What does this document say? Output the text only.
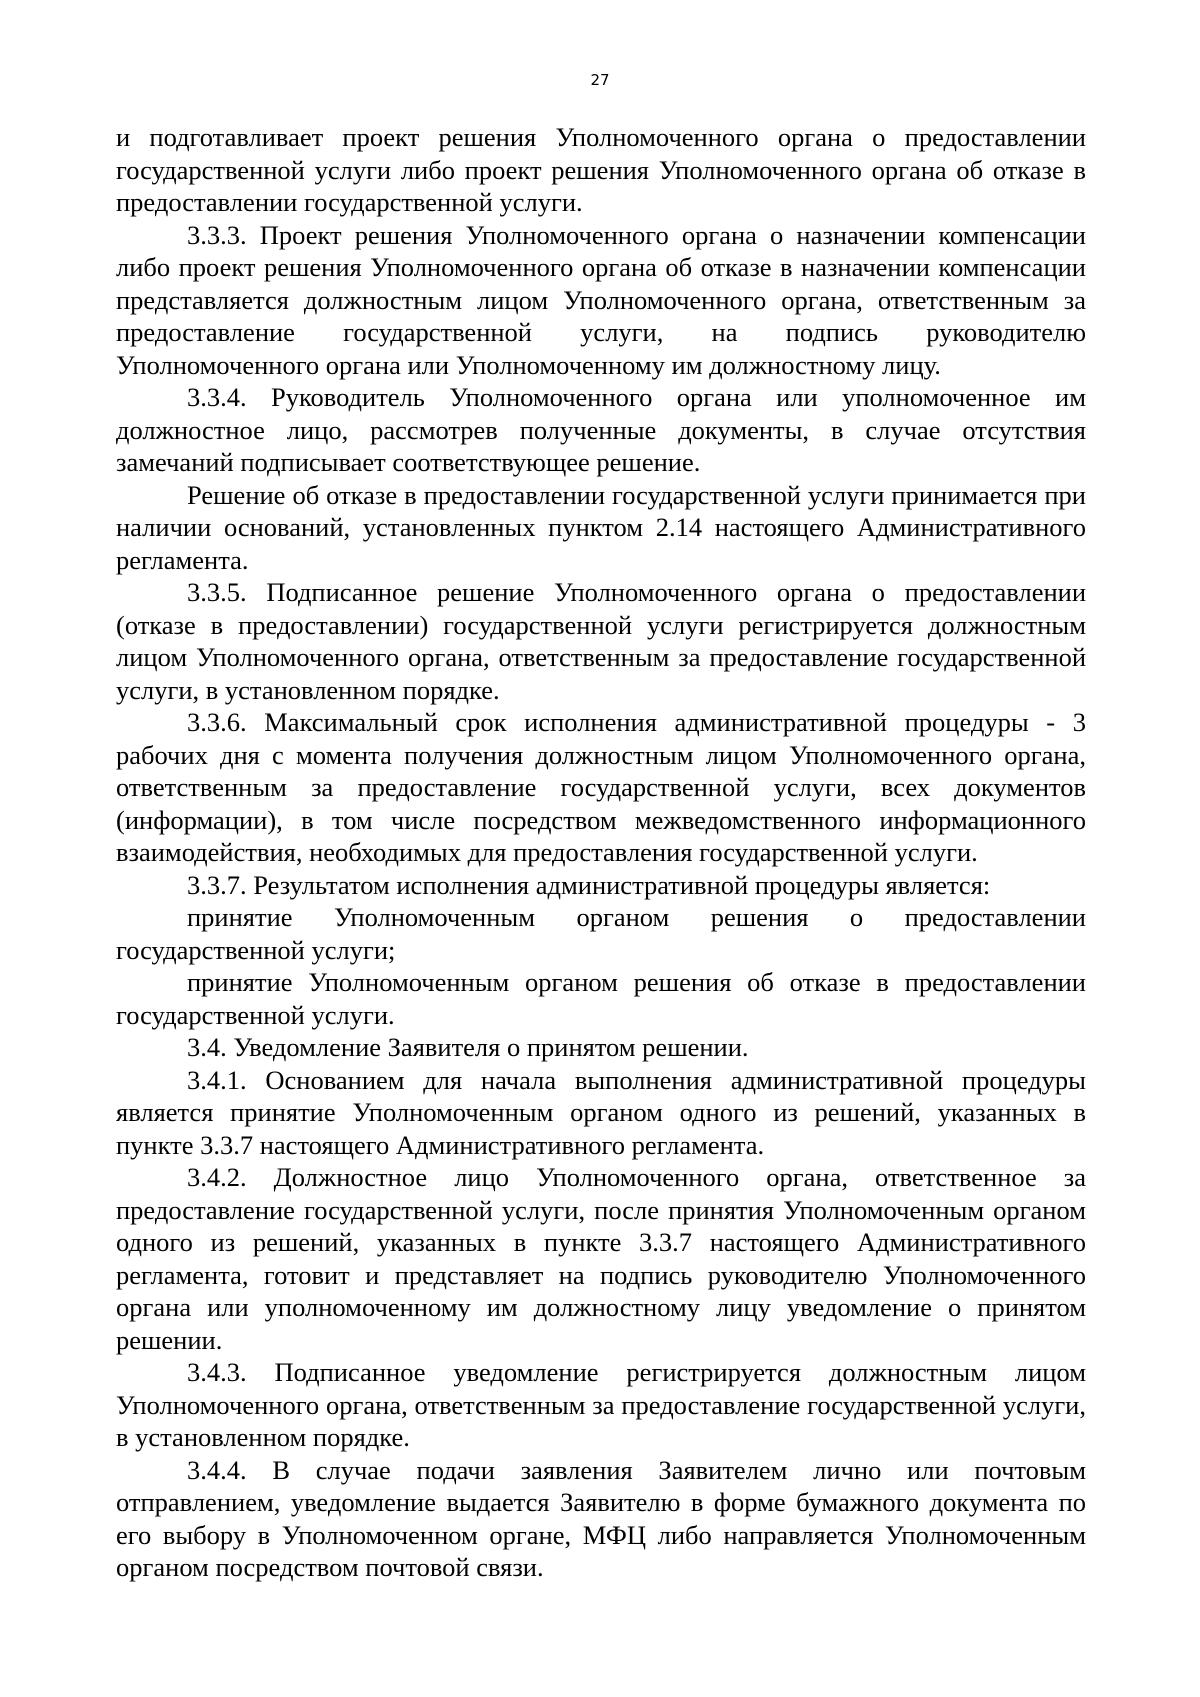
27

и подготавливает проект решения Уполномоченного органа о предоставлении государственной услуги либо проект решения Уполномоченного органа об отказе в предоставлении государственной услуги.

3.3.3. Проект решения Уполномоченного органа о назначении компенсации либо проект решения Уполномоченного органа об отказе в назначении компенсации представляется должностным лицом Уполномоченного органа, ответственным за предоставление государственной услуги, на подпись руководителю Уполномоченного органа или Уполномоченному им должностному лицу.

3.3.4. Руководитель Уполномоченного органа или уполномоченное им должностное лицо, рассмотрев полученные документы, в случае отсутствия замечаний подписывает соответствующее решение.

Решение об отказе в предоставлении государственной услуги принимается при наличии оснований, установленных пунктом 2.14 настоящего Административного регламента.

3.3.5. Подписанное решение Уполномоченного органа о предоставлении (отказе в предоставлении) государственной услуги регистрируется должностным лицом Уполномоченного органа, ответственным за предоставление государственной услуги, в установленном порядке.

3.3.6. Максимальный срок исполнения административной процедуры - 3 рабочих дня с момента получения должностным лицом Уполномоченного органа, ответственным за предоставление государственной услуги, всех документов (информации), в том числе посредством межведомственного информационного взаимодействия, необходимых для предоставления государственной услуги.

3.3.7. Результатом исполнения административной процедуры является:

принятие Уполномоченным органом решения о предоставлении государственной услуги;

принятие Уполномоченным органом решения об отказе в предоставлении государственной услуги.

3.4. Уведомление Заявителя о принятом решении.

3.4.1. Основанием для начала выполнения административной процедуры является принятие Уполномоченным органом одного из решений, указанных в пункте 3.3.7 настоящего Административного регламента.

3.4.2. Должностное лицо Уполномоченного органа, ответственное за предоставление государственной услуги, после принятия Уполномоченным органом одного из решений, указанных в пункте 3.3.7 настоящего Административного регламента, готовит и представляет на подпись руководителю Уполномоченного органа или уполномоченному им должностному лицу уведомление о принятом решении.

3.4.3. Подписанное уведомление регистрируется должностным лицом Уполномоченного органа, ответственным за предоставление государственной услуги, в установленном порядке.

3.4.4. В случае подачи заявления Заявителем лично или почтовым отправлением, уведомление выдается Заявителю в форме бумажного документа по его выбору в Уполномоченном органе, МФЦ либо направляется Уполномоченным органом посредством почтовой связи.
